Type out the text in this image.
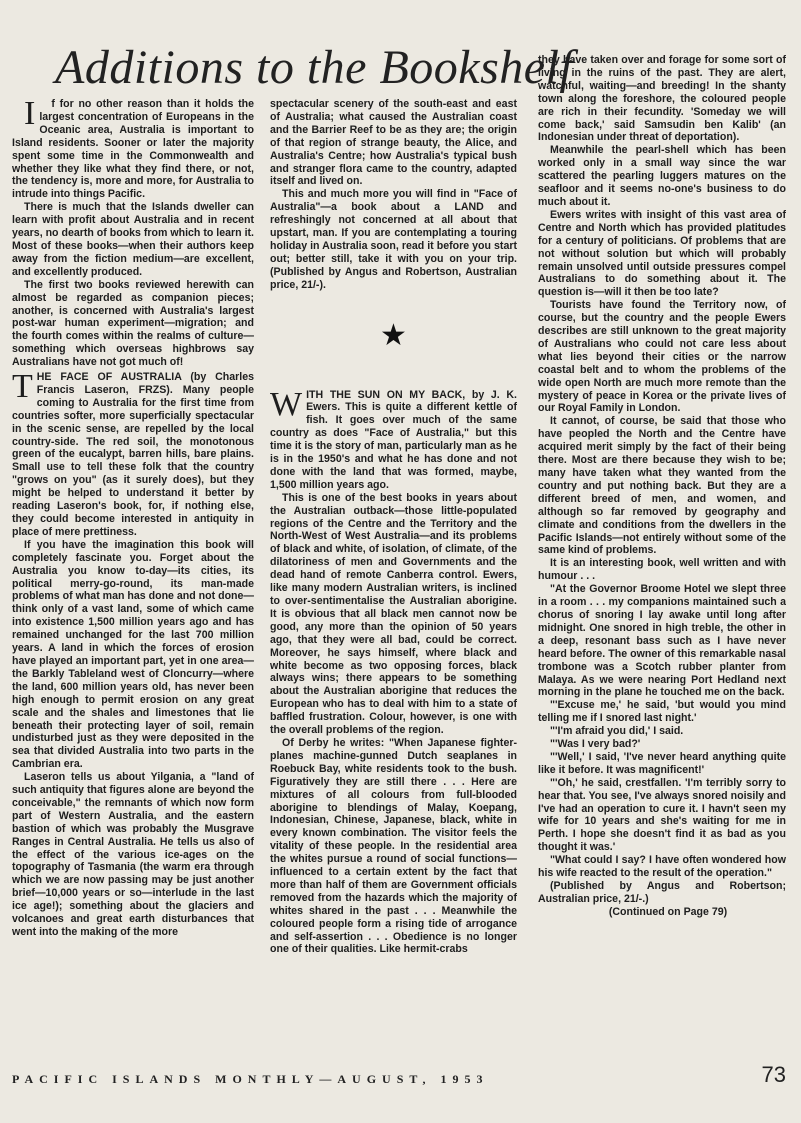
Additions to the Bookshelf

If for no other reason than it holds the largest concentration of Europeans in the Oceanic area, Australia is important to Island residents. Sooner or later the majority spent some time in the Commonwealth and whether they like what they find there, or not, the tendency is, more and more, for Australia to intrude into things Pacific.

There is much that the Islands dweller can learn with profit about Australia and in recent years, no dearth of books from which to learn it. Most of these books—when their authors keep away from the fiction medium—are excellent, and excellently produced.

The first two books reviewed herewith can almost be regarded as companion pieces; another, is concerned with Australia's largest post-war human experiment—migration; and the fourth comes within the realms of culture—something which overseas highbrows say Australians have not got much of!

THE FACE OF AUSTRALIA (by Charles Francis Laseron, FRZS). Many people coming to Australia for the first time from countries softer, more superficially spectacular in the scenic sense, are repelled by the local country-side. The red soil, the monotonous green of the eucalypt, barren hills, bare plains. Small use to tell these folk that the country "grows on you" (as it surely does), but they might be helped to understand it better by reading Laseron's book, for, if nothing else, they could become interested in antiquity in place of mere prettiness.

If you have the imagination this book will completely fascinate you. Forget about the Australia you know to-day—its cities, its political merry-go-round, its man-made problems of what man has done and not done—think only of a vast land, some of which came into existence 1,500 million years ago and has remained unchanged for the last 700 million years. A land in which the forces of erosion have played an important part, yet in one area—the Barkly Tableland west of Cloncurry—where the land, 600 million years old, has never been high enough to permit erosion on any great scale and the shales and limestones that lie beneath their protecting layer of soil, remain undisturbed just as they were deposited in the sea that divided Australia into two parts in the Cambrian era.

Laseron tells us about Yilgania, a "land of such antiquity that figures alone are beyond the conceivable," the remnants of which now form part of Western Australia, and the eastern bastion of which was probably the Musgrave Ranges in Central Australia. He tells us also of the effect of the various ice-ages on the topography of Tasmania (the warm era through which we are now passing may be just another brief—10,000 years or so—interlude in the last ice age!); something about the glaciers and volcanoes and great earth disturbances that went into the making of the more

spectacular scenery of the south-east and east of Australia; what caused the Australian coast and the Barrier Reef to be as they are; the origin of that region of strange beauty, the Alice, and Australia's Centre; how Australia's typical bush and stranger flora came to the country, adapted itself and lived on.

This and much more you will find in "Face of Australia"—a book about a LAND and refreshingly not concerned at all about that upstart, man. If you are contemplating a touring holiday in Australia soon, read it before you start out; better still, take it with you on your trip. (Published by Angus and Robertson, Australian price, 21/-).

★

WITH THE SUN ON MY BACK, by J. K. Ewers. This is quite a different kettle of fish. It goes over much of the same country as does "Face of Australia," but this time it is the story of man, particularly man as he is in the 1950's and what he has done and not done with the land that was formed, maybe, 1,500 million years ago.

This is one of the best books in years about the Australian outback—those little-populated regions of the Centre and the Territory and the North-West of West Australia—and its problems of black and white, of isolation, of climate, of the dilatoriness of men and Governments and the dead hand of remote Canberra control. Ewers, like many modern Australian writers, is inclined to over-sentimentalise the Australian aborigine. It is obvious that all black men cannot now be good, any more than the opinion of 50 years ago, that they were all bad, could be correct. Moreover, he says himself, where black and white become as two opposing forces, black always wins; there appears to be something about the Australian aborigine that reduces the European who has to deal with him to a state of baffled frustration. Colour, however, is one with the overall problems of the region.

Of Derby he writes: "When Japanese fighter-planes machine-gunned Dutch seaplanes in Roebuck Bay, white residents took to the bush. Figuratively they are still there . . . Here are mixtures of all colours from full-blooded aborigine to blendings of Malay, Koepang, Indonesian, Chinese, Japanese, black, white in every known combination. The visitor feels the vitality of these people. In the residential area the whites pursue a round of social functions—influenced to a certain extent by the fact that more than half of them are Government officials removed from the hazards which the majority of whites shared in the past . . . Meanwhile the coloured people form a rising tide of arrogance and self-assertion . . . Obedience is no longer one of their qualities. Like hermit-crabs

they have taken over and forage for some sort of living in the ruins of the past. They are alert, watchful, waiting—and breeding! In the shanty town along the foreshore, the coloured people are rich in their fecundity. 'Someday we will come back,' said Samsudin ben Kalib' (an Indonesian under threat of deportation).

Meanwhile the pearl-shell which has been worked only in a small way since the war scattered the pearling luggers matures on the seafloor and it seems no-one's business to do much about it.

Ewers writes with insight of this vast area of Centre and North which has provided platitudes for a century of politicians. Of problems that are not without solution but which will probably remain unsolved until outside pressures compel Australians to do something about it. The question is—will it then be too late?

Tourists have found the Territory now, of course, but the country and the people Ewers describes are still unknown to the great majority of Australians who could not care less about what lies beyond their cities or the narrow coastal belt and to whom the problems of the wide open North are much more remote than the mystery of peace in Korea or the private lives of our Royal Family in London.

It cannot, of course, be said that those who have peopled the North and the Centre have acquired merit simply by the fact of their being there. Most are there because they wish to be; many have taken what they wanted from the country and put nothing back. But they are a different breed of men, and women, and although so far removed by geography and climate and conditions from the dwellers in the Pacific Islands—not entirely without some of the same kind of problems.

It is an interesting book, well written and with humour . . .

"At the Governor Broome Hotel we slept three in a room . . . my companions maintained such a chorus of snoring I lay awake until long after midnight. One snored in high treble, the other in a deep, resonant bass such as I have never heard before. The owner of this remarkable nasal trombone was a Scotch rubber planter from Malaya. As we were nearing Port Hedland next morning in the plane he touched me on the back.

"'Excuse me,' he said, 'but would you mind telling me if I snored last night.'

"'I'm afraid you did,' I said.

"'Was I very bad?'

"'Well,' I said, 'I've never heard anything quite like it before. It was magnificent!'

"'Oh,' he said, crestfallen. 'I'm terribly sorry to hear that. You see, I've always snored noisily and I've had an operation to cure it. I havn't seen my wife for 10 years and she's waiting for me in Perth. I hope she doesn't find it as bad as you thought it was.'

"What could I say? I have often wondered how his wife reacted to the result of the operation."

(Published by Angus and Robertson; Australian price, 21/-.)

(Continued on Page 79)

PACIFIC ISLANDS MONTHLY—AUGUST, 1953	73
